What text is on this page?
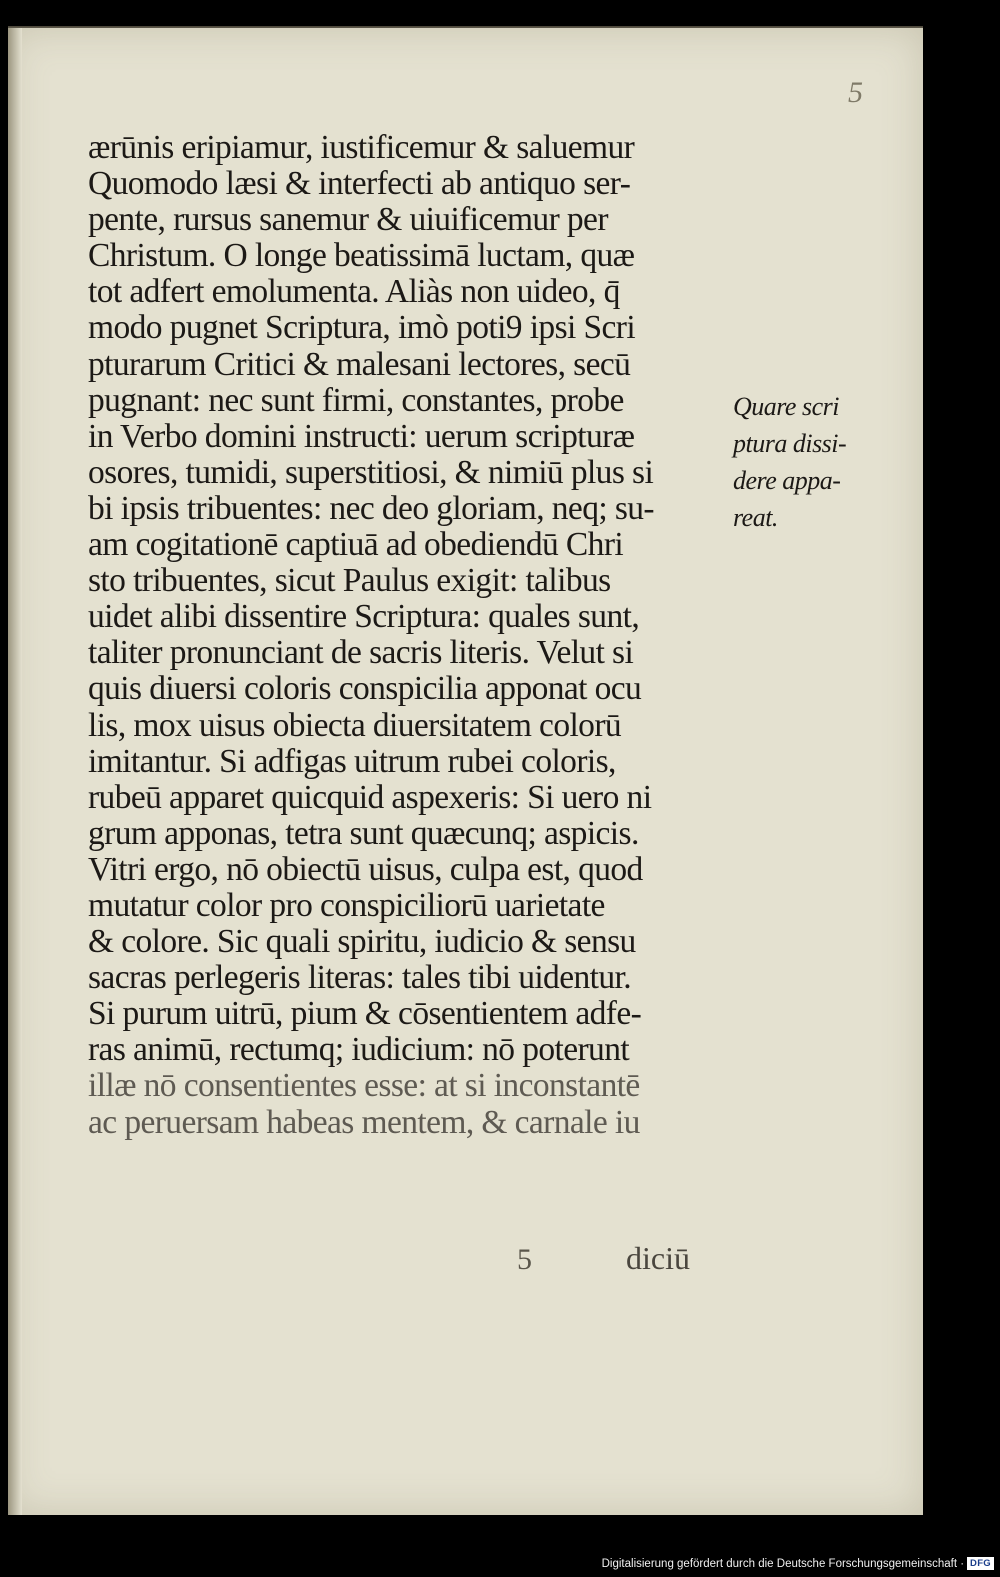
5
ærūnis eripiamur, iustificemur & saluemur
Quomodo læsi & interfecti ab antiquo ser-
pente, rursus sanemur & uiuificemur per
Christum. O longe beatissimā luctam, quæ
tot adfert emolumenta. Aliàs non uideo, q̄
modo pugnet Scriptura, imò poti9 ipsi Scri
pturarum Critici & malesani lectores, secū
pugnant: nec sunt firmi, constantes, probe
in Verbo domini instructi: uerum scripturæ
osores, tumidi, superstitiosi, & nimiū plus si
bi ipsis tribuentes: nec deo gloriam, neq; su-
am cogitationē captiuā ad obediendū Chri
sto tribuentes, sicut Paulus exigit: talibus
uidet alibi dissentire Scriptura: quales sunt,
taliter pronunciant de sacris literis. Velut si
quis diuersi coloris conspicilia apponat ocu
lis, mox uisus obiecta diuersitatem colorū
imitantur. Si adfigas uitrum rubei coloris,
rubeū apparet quicquid aspexeris: Si uero ni
grum apponas, tetra sunt quæcunq; aspicis.
Vitri ergo, nō obiectū uisus, culpa est, quod
mutatur color pro conspiciliorū uarietate
& colore. Sic quali spiritu, iudicio & sensu
sacras perlegeris literas: tales tibi uidentur.
Si purum uitrū, pium & cōsentientem adfe-
ras animū, rectumq; iudicium: nō poterunt
illæ nō consentientes esse: at si inconstantē
ac peruersam habeas mentem, & carnale iu
Quare scri
ptura dissi-
dere appa-
reat.
5	diciū
Digitalisierung gefördert durch die Deutsche Forschungsgemeinschaft · DFG
